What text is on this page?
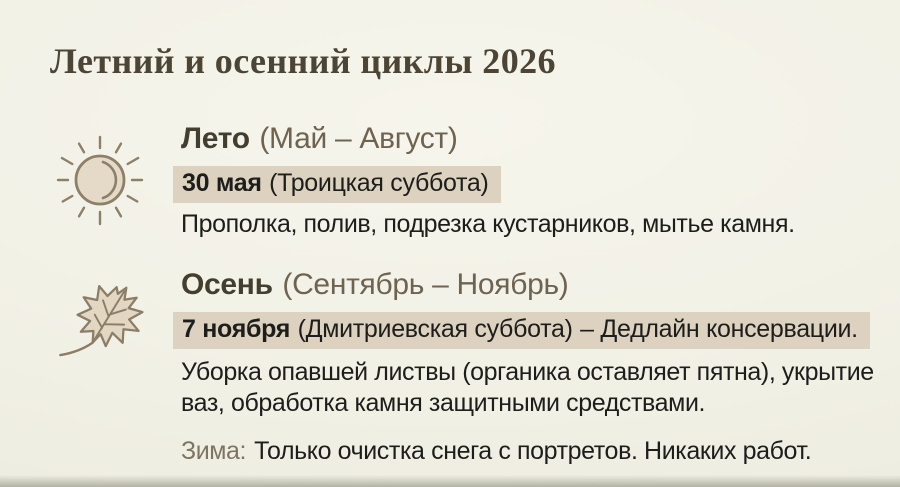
Летний и осенний циклы 2026
Лето (Май – Август)
30 мая (Троицкая суббота)

Прополка, полив, подрезка кустарников, мытье камня.

Осень (Сентябрь – Ноябрь)
7 ноября (Дмитриевская суббота) – Дедлайн консервации.

Уборка опавшей листвы (органика оставляет пятна), укрытие ваз, обработка камня защитными средствами.

Зима: Только очистка снега с портретов. Никаких работ.
